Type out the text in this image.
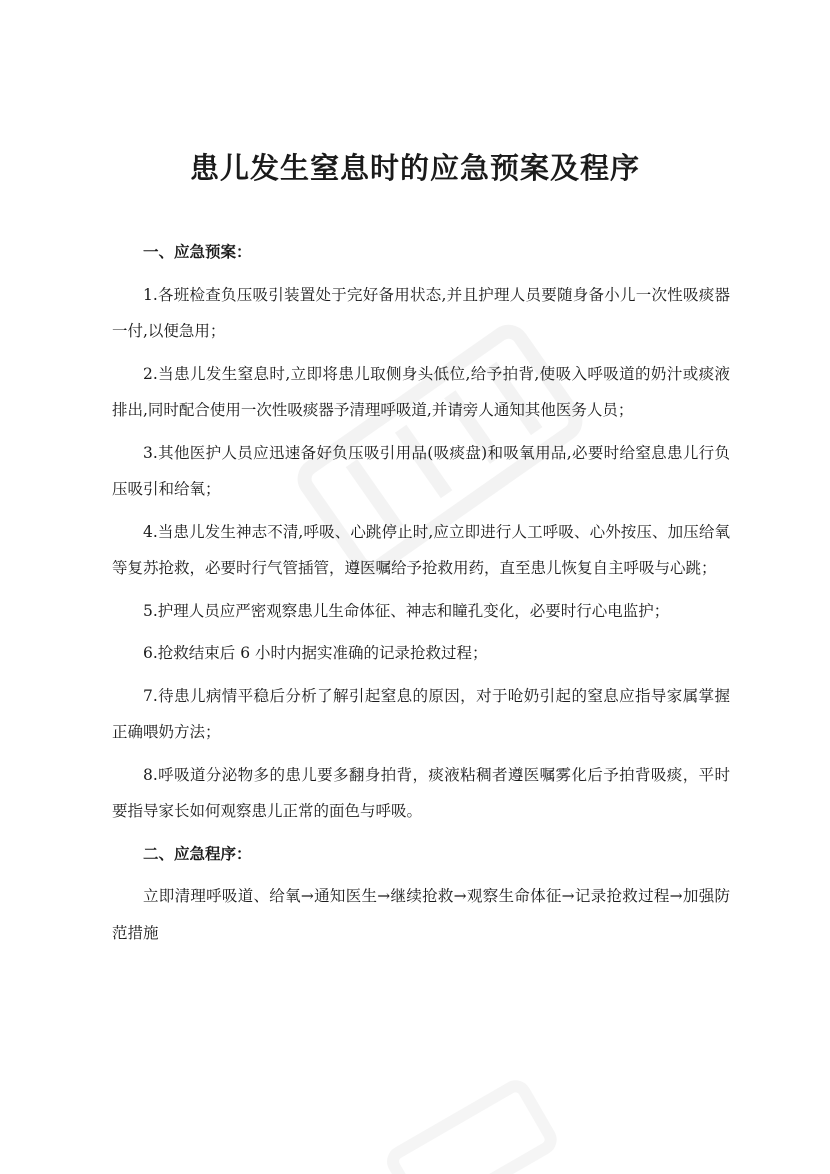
患儿发生窒息时的应急预案及程序

一、应急预案：

1.各班检查负压吸引装置处于完好备用状态,并且护理人员要随身备小儿一次性吸痰器一付,以便急用；

2.当患儿发生窒息时,立即将患儿取侧身头低位,给予拍背,使吸入呼吸道的奶汁或痰液排出,同时配合使用一次性吸痰器予清理呼吸道,并请旁人通知其他医务人员；

3.其他医护人员应迅速备好负压吸引用品(吸痰盘)和吸氧用品,必要时给窒息患儿行负压吸引和给氧；

4.当患儿发生神志不清,呼吸、心跳停止时,应立即进行人工呼吸、心外按压、加压给氧等复苏抢救，必要时行气管插管，遵医嘱给予抢救用药，直至患儿恢复自主呼吸与心跳；

5.护理人员应严密观察患儿生命体征、神志和瞳孔变化，必要时行心电监护；

6.抢救结束后 6 小时内据实准确的记录抢救过程；

7.待患儿病情平稳后分析了解引起窒息的原因，对于呛奶引起的窒息应指导家属掌握正确喂奶方法；

8.呼吸道分泌物多的患儿要多翻身拍背，痰液粘稠者遵医嘱雾化后予拍背吸痰，平时要指导家长如何观察患儿正常的面色与呼吸。

二、应急程序：

立即清理呼吸道、给氧→通知医生→继续抢救→观察生命体征→记录抢救过程→加强防范措施
